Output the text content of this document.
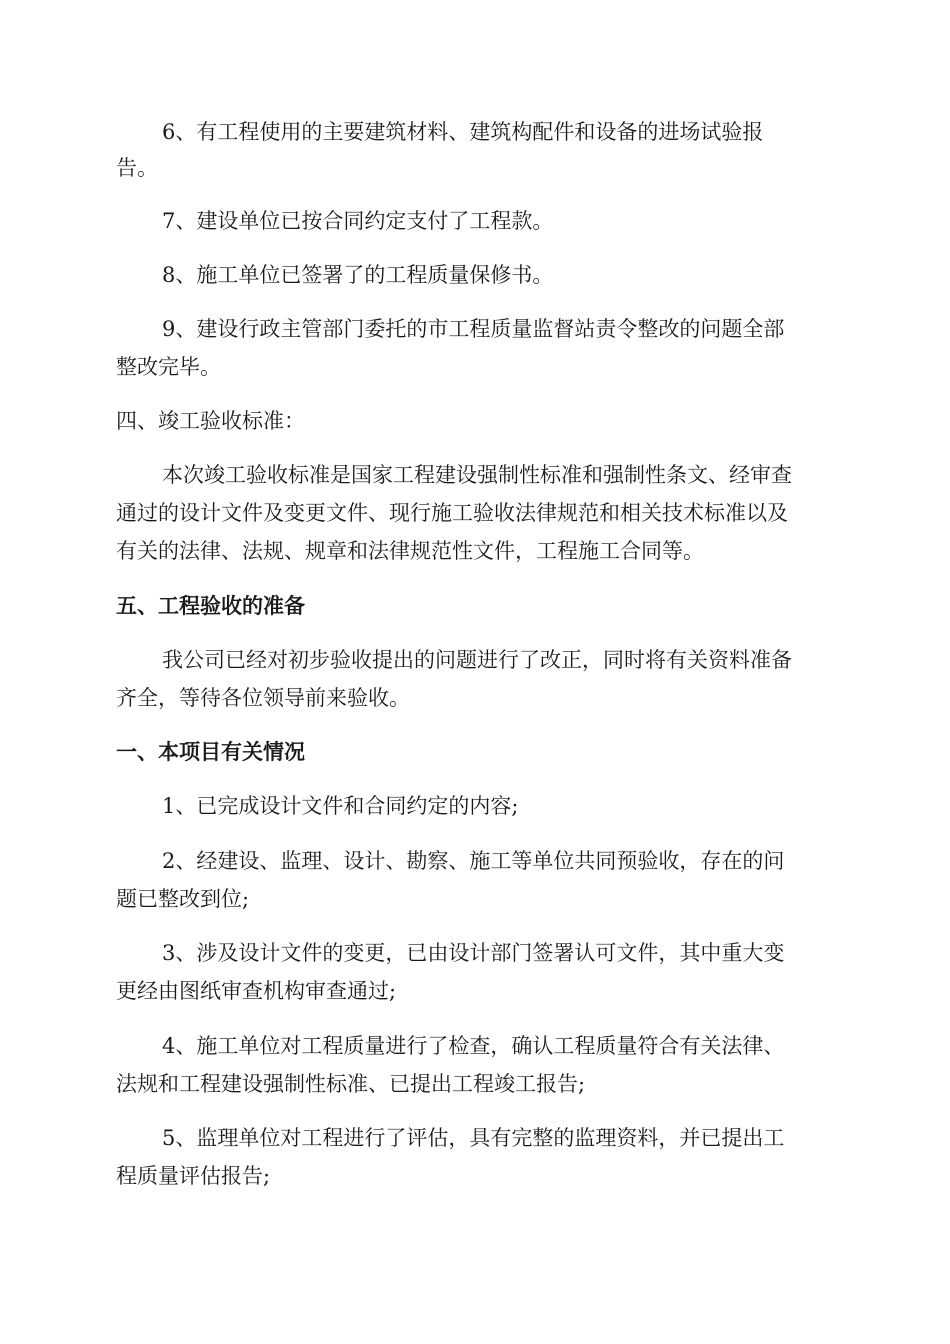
6、有工程使用的主要建筑材料、建筑构配件和设备的进场试验报
告。
7、建设单位已按合同约定支付了工程款。
8、施工单位已签署了的工程质量保修书。
9、建设行政主管部门委托的市工程质量监督站责令整改的问题全部
整改完毕。
四、竣工验收标准：
本次竣工验收标准是国家工程建设强制性标准和强制性条文、经审查
通过的设计文件及变更文件、现行施工验收法律规范和相关技术标准以及
有关的法律、法规、规章和法律规范性文件，工程施工合同等。
五、工程验收的准备
我公司已经对初步验收提出的问题进行了改正，同时将有关资料准备
齐全，等待各位领导前来验收。
一、本项目有关情况
1、已完成设计文件和合同约定的内容;
2、经建设、监理、设计、勘察、施工等单位共同预验收，存在的问
题已整改到位;
3、涉及设计文件的变更，已由设计部门签署认可文件，其中重大变
更经由图纸审查机构审查通过;
4、施工单位对工程质量进行了检查，确认工程质量符合有关法律、
法规和工程建设强制性标准、已提出工程竣工报告;
5、监理单位对工程进行了评估，具有完整的监理资料，并已提出工
程质量评估报告;
